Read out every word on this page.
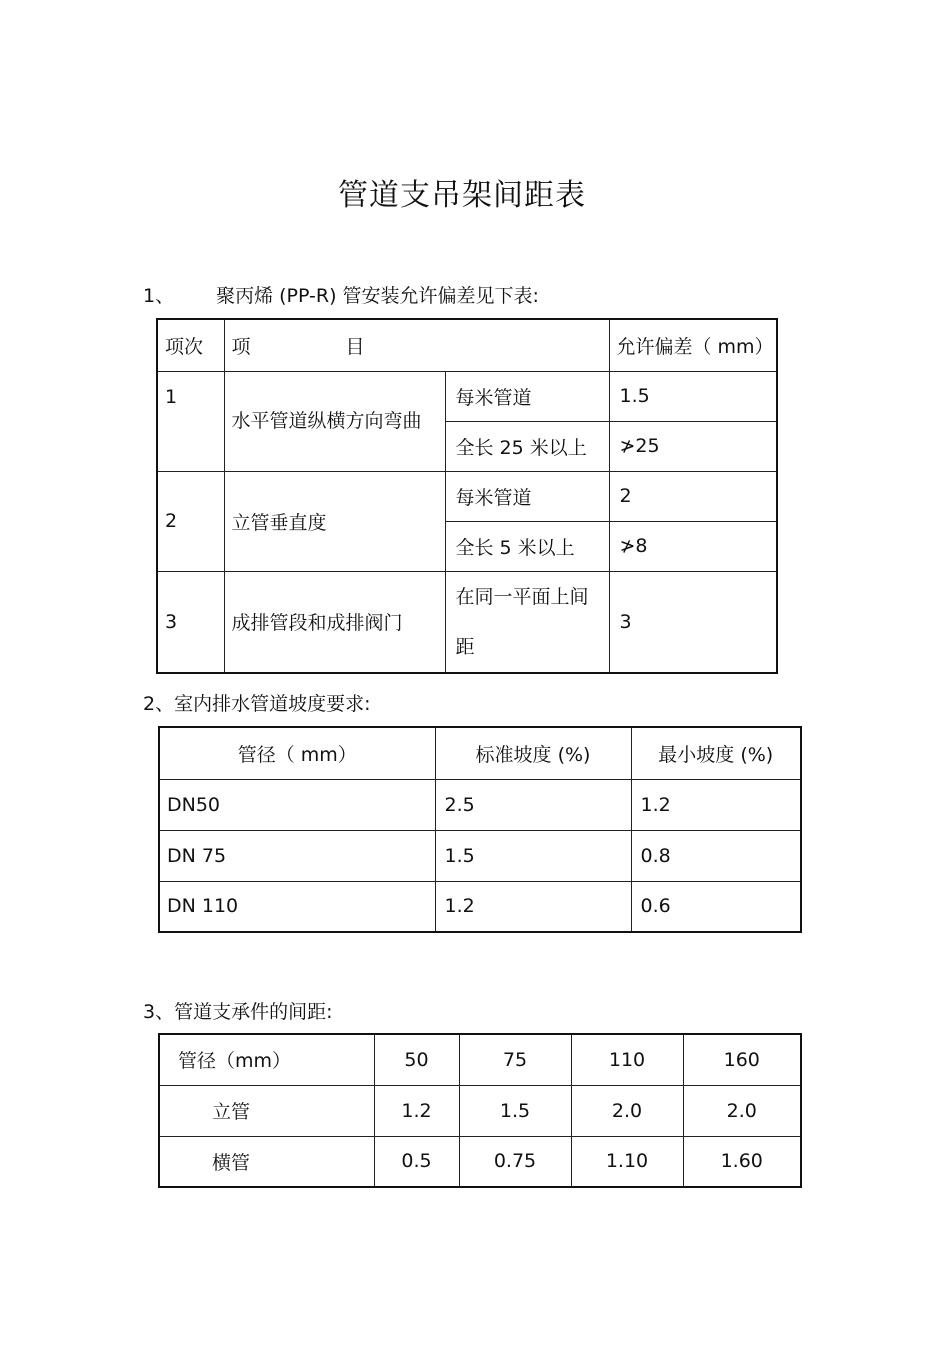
管道支吊架间距表
1、 聚丙烯 (PP-R) 管安装允许偏差见下表:
项次	项 目		允许偏差（ mm）
1	水平管道纵横方向弯曲	每米管道	1.5
		全长 25 米以上	≯25
2	立管垂直度	每米管道	2
		全长 5 米以上	≯8
3	成排管段和成排阀门	在同一平面上间距	3
2、室内排水管道坡度要求:
管径（ mm）	标准坡度 (%)	最小坡度 (%)
DN50	2.5	1.2
DN 75	1.5	0.8
DN 110	1.2	0.6
3、管道支承件的间距:
管径（mm）	50	75	110	160
立管	1.2	1.5	2.0	2.0
横管	0.5	0.75	1.10	1.60
